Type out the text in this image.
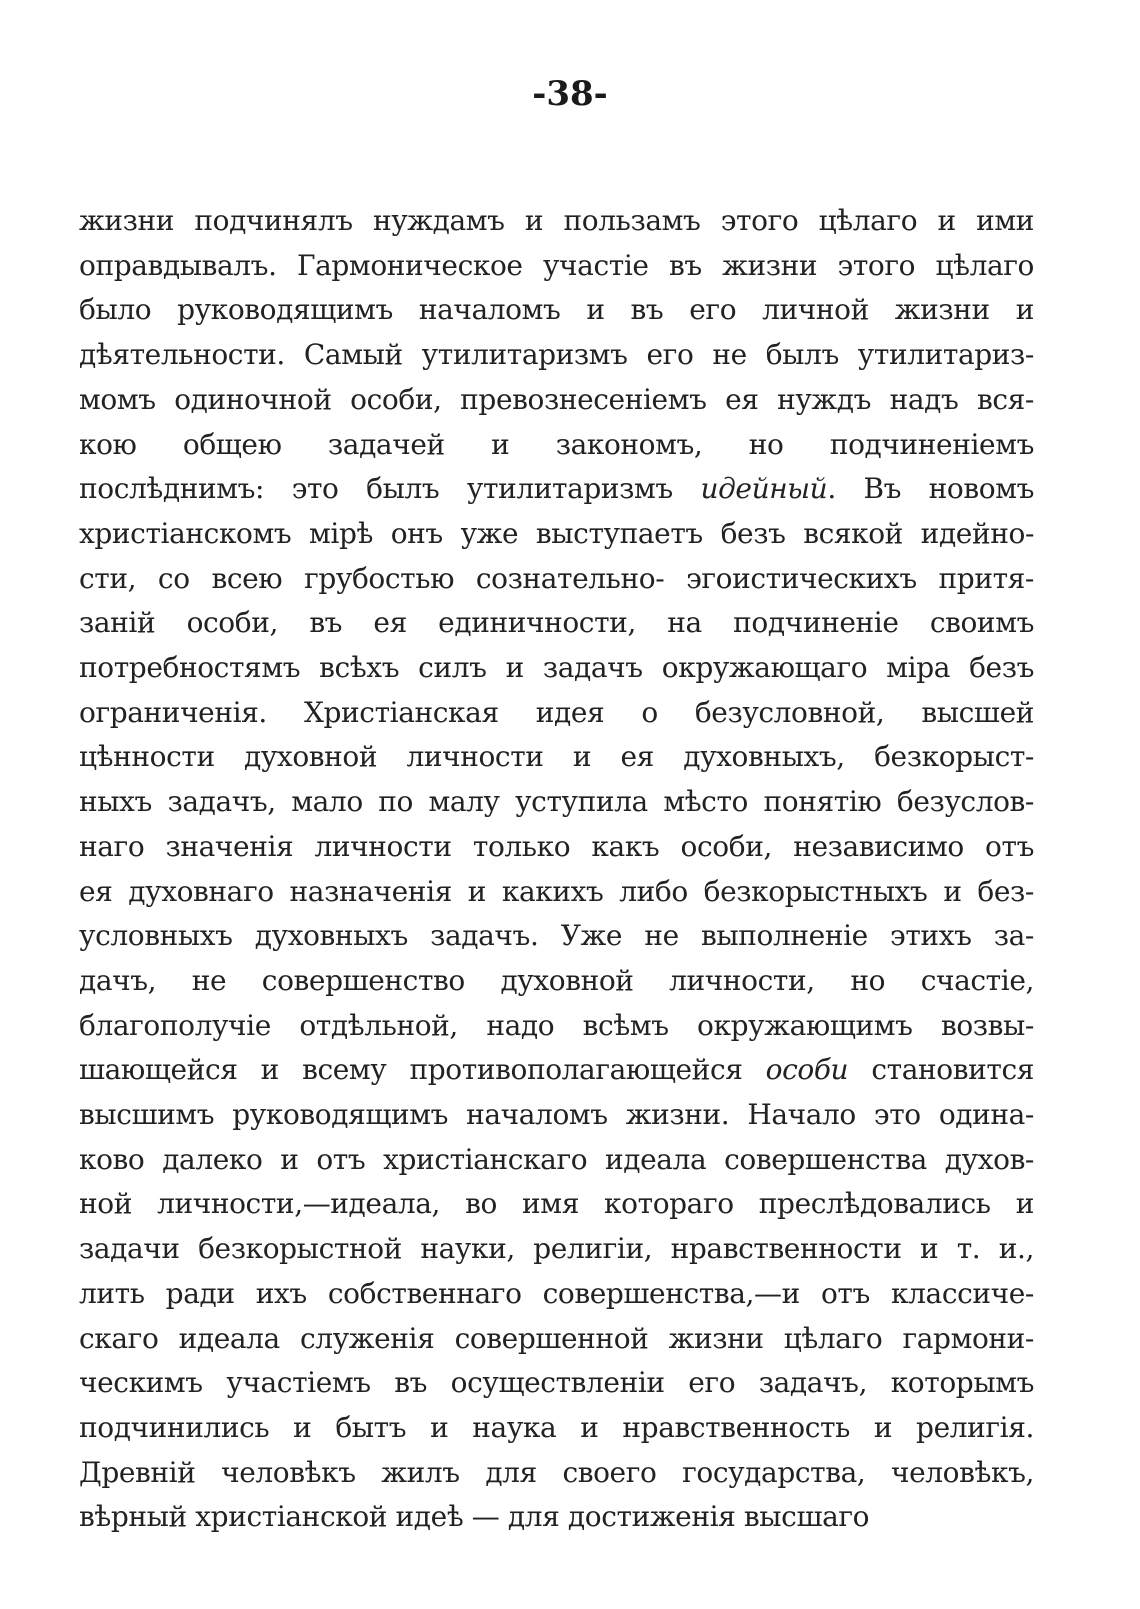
-38-
жизни подчинялъ нуждамъ и пользамъ этого цѣлаго и ими
оправдывалъ. Гармоническое участіе въ жизни этого цѣлаго
было руководящимъ началомъ и въ его личной жизни и
дѣятельности. Самый утилитаризмъ его не былъ утилитариз-
момъ одиночной особи, превознесеніемъ ея нуждъ надъ вся-
кою общею задачей и закономъ, но подчиненіемъ
послѣднимъ: это былъ утилитаризмъ идейный. Въ новомъ
христіанскомъ мірѣ онъ уже выступаетъ безъ всякой идейно-
сти, со всею грубостью сознательно- эгоистическихъ притя-
заній особи, въ ея единичности, на подчиненіе своимъ
потребностямъ всѣхъ силъ и задачъ окружающаго міра безъ
ограниченія. Христіанская идея о безусловной, высшей
цѣнности духовной личности и ея духовныхъ, безкорыст-
ныхъ задачъ, мало по малу уступила мѣсто понятію безуслов-
наго значенія личности только какъ особи, независимо отъ
ея духовнаго назначенія и какихъ либо безкорыстныхъ и без-
условныхъ духовныхъ задачъ. Уже не выполненіе этихъ за-
дачъ, не совершенство духовной личности, но счастіе,
благополучіе отдѣльной, надо всѣмъ окружающимъ возвы-
шающейся и всему противополагающейся особи становится
высшимъ руководящимъ началомъ жизни. Начало это одина-
ково далеко и отъ христіанскаго идеала совершенства духов-
ной личности,—идеала, во имя котораго преслѣдовались и
задачи безкорыстной науки, религіи, нравственности и т. и.,
лить ради ихъ собственнаго совершенства,—и отъ классиче-
скаго идеала служенія совершенной жизни цѣлаго гармони-
ческимъ участіемъ въ осуществленіи его задачъ, которымъ
подчинились и бытъ и наука и нравственность и религія.
Древній человѣкъ жилъ для своего государства, человѣкъ,
вѣрный христіанской идеѣ — для достиженія высшаго
